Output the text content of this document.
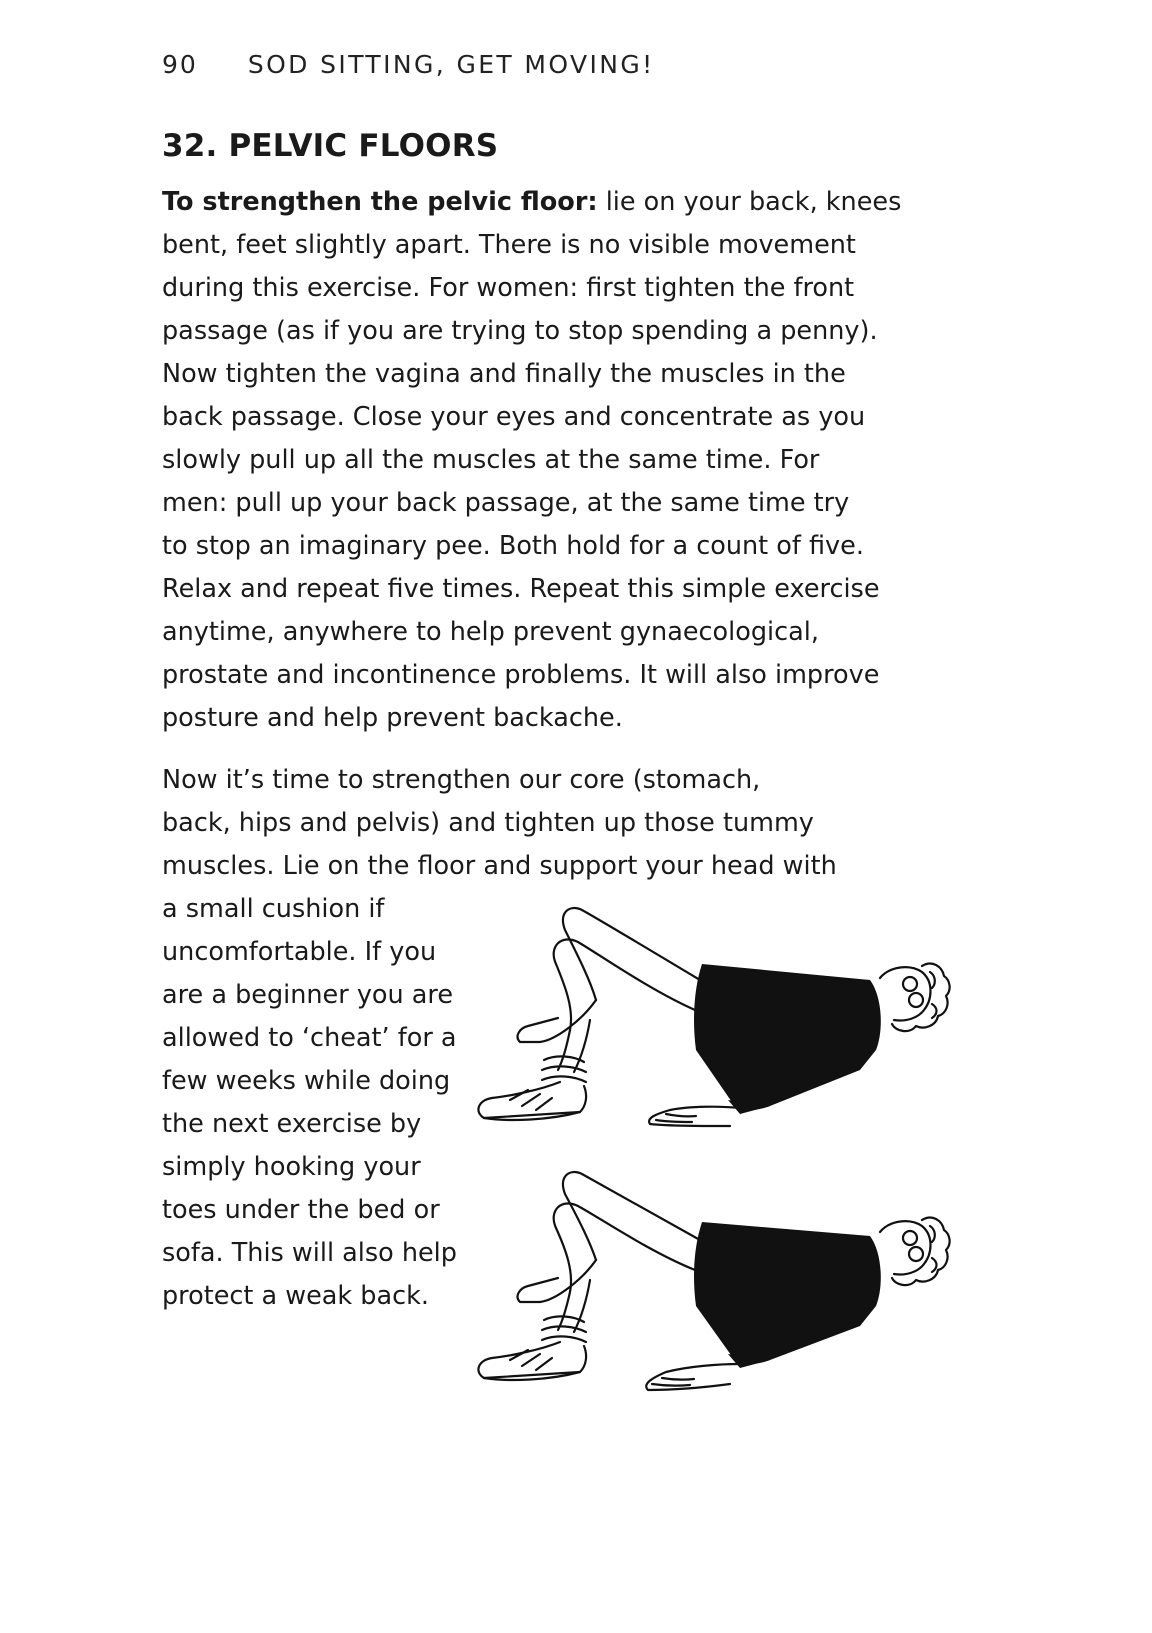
90 SOD SITTING, GET MOVING!
32. PELVIC FLOORS

To strengthen the pelvic floor: lie on your back, knees
bent, feet slightly apart. There is no visible movement
during this exercise. For women: first tighten the front
passage (as if you are trying to stop spending a penny).
Now tighten the vagina and finally the muscles in the
back passage. Close your eyes and concentrate as you
slowly pull up all the muscles at the same time. For
men: pull up your back passage, at the same time try
to stop an imaginary pee. Both hold for a count of five.
Relax and repeat five times. Repeat this simple exercise
anytime, anywhere to help prevent gynaecological,
prostate and incontinence problems. It will also improve
posture and help prevent backache.

Now it’s time to strengthen our core (stomach,
back, hips and pelvis) and tighten up those tummy
muscles. Lie on the floor and support your head with
a small cushion if
uncomfortable. If you
are a beginner you are
allowed to ‘cheat’ for a
few weeks while doing
the next exercise by
simply hooking your
toes under the bed or
sofa. This will also help
protect a weak back.
